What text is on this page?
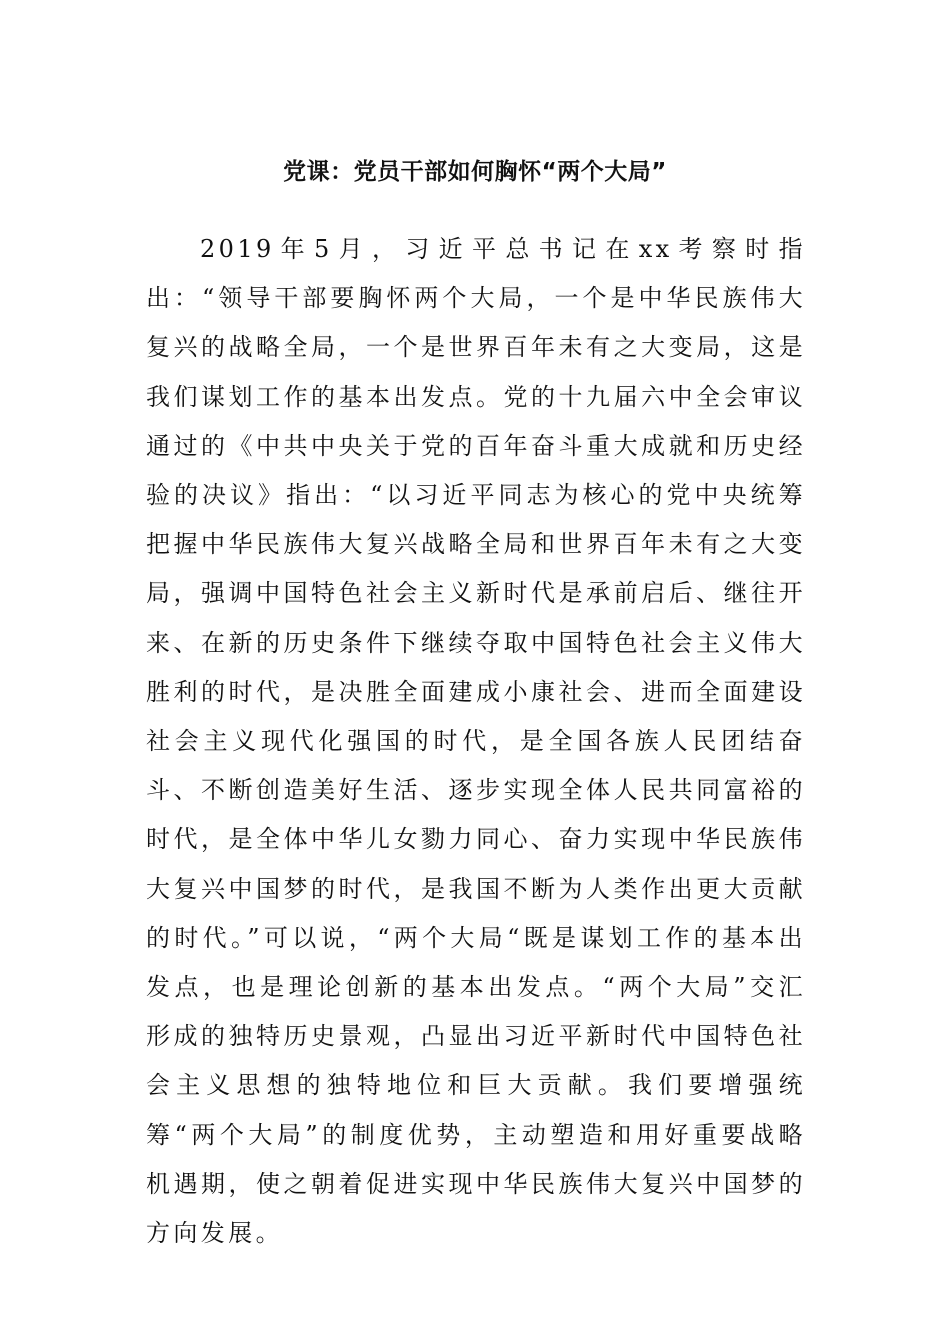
党课：党员干部如何胸怀“两个大局”

2019年5月，习近平总书记在xx考察时指出：“领导干部要胸怀两个大局，一个是中华民族伟大复兴的战略全局，一个是世界百年未有之大变局，这是我们谋划工作的基本出发点。党的十九届六中全会审议通过的《中共中央关于党的百年奋斗重大成就和历史经验的决议》指出：“以习近平同志为核心的党中央统筹把握中华民族伟大复兴战略全局和世界百年未有之大变局，强调中国特色社会主义新时代是承前启后、继往开来、在新的历史条件下继续夺取中国特色社会主义伟大胜利的时代，是决胜全面建成小康社会、进而全面建设社会主义现代化强国的时代，是全国各族人民团结奋斗、不断创造美好生活、逐步实现全体人民共同富裕的时代，是全体中华儿女勠力同心、奋力实现中华民族伟大复兴中国梦的时代，是我国不断为人类作出更大贡献的时代。”可以说，“两个大局“既是谋划工作的基本出发点，也是理论创新的基本出发点。“两个大局”交汇形成的独特历史景观，凸显出习近平新时代中国特色社会主义思想的独特地位和巨大贡献。我们要增强统筹“两个大局”的制度优势，主动塑造和用好重要战略机遇期，使之朝着促进实现中华民族伟大复兴中国梦的方向发展。
